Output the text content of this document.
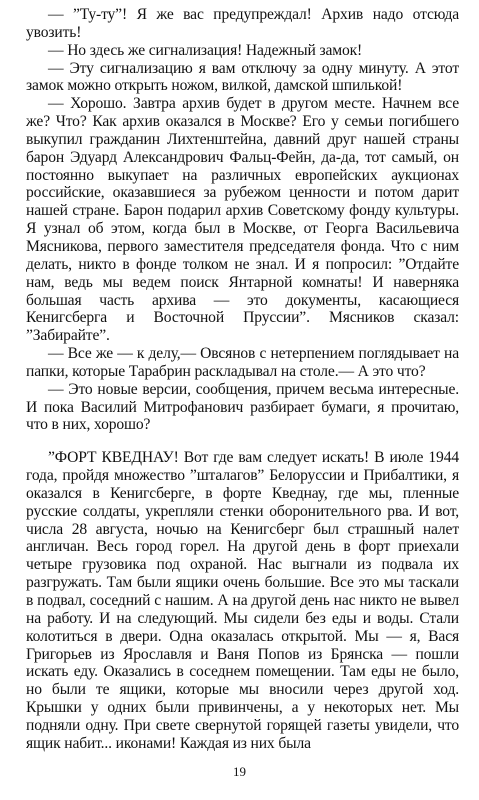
— ”Ту-ту”! Я же вас предупреждал! Архив надо отсюда увозить!

— Но здесь же сигнализация! Надежный замок!

— Эту сигнализацию я вам отключу за одну минуту. А этот замок можно открыть ножом, вилкой, дамской шпилькой!

— Хорошо. Завтра архив будет в другом месте. Начнем все же? Что? Как архив оказался в Москве? Его у семьи погибшего выкупил гражданин Лихтенштейна, давний друг нашей страны барон Эдуард Александрович Фальц-Фейн, да-да, тот самый, он постоянно выкупает на различных европейских аукционах российские, оказавшиеся за рубежом ценности и потом дарит нашей стране. Барон подарил архив Советскому фонду культуры. Я узнал об этом, когда был в Москве, от Георга Васильевича Мясникова, первого заместителя председателя фонда. Что с ним делать, никто в фонде толком не знал. И я попросил: ”Отдайте нам, ведь мы ведем поиск Янтарной комнаты! И наверняка большая часть архива — это документы, касающиеся Кенигсберга и Восточной Пруссии”. Мясников сказал: ”Забирайте”.

— Все же — к делу,— Овсянов с нетерпением поглядывает на папки, которые Тарабрин раскладывал на столе.— А это что?

— Это новые версии, сообщения, причем весьма интересные. И пока Василий Митрофанович разбирает бумаги, я прочитаю, что в них, хорошо?

”ФОРТ КВЕДНАУ! Вот где вам следует искать! В июле 1944 года, пройдя множество ”шталагов” Белоруссии и Прибалтики, я оказался в Кенигсберге, в форте Кведнау, где мы, пленные русские солдаты, укрепляли стенки оборонительного рва. И вот, числа 28 августа, ночью на Кенигсберг был страшный налет англичан. Весь город горел. На другой день в форт приехали четыре грузовика под охраной. Нас выгнали из подвала их разгружать. Там были ящики очень большие. Все это мы таскали в подвал, соседний с нашим. А на другой день нас никто не вывел на работу. И на следующий. Мы сидели без еды и воды. Стали колотиться в двери. Одна оказалась открытой. Мы — я, Вася Григорьев из Ярославля и Ваня Попов из Брянска — пошли искать еду. Оказались в соседнем помещении. Там еды не было, но были те ящики, которые мы вносили через другой ход. Крышки у одних были привинчены, а у некоторых нет. Мы подняли одну. При свете свернутой горящей газеты увидели, что ящик набит... иконами! Каждая из них была

19
